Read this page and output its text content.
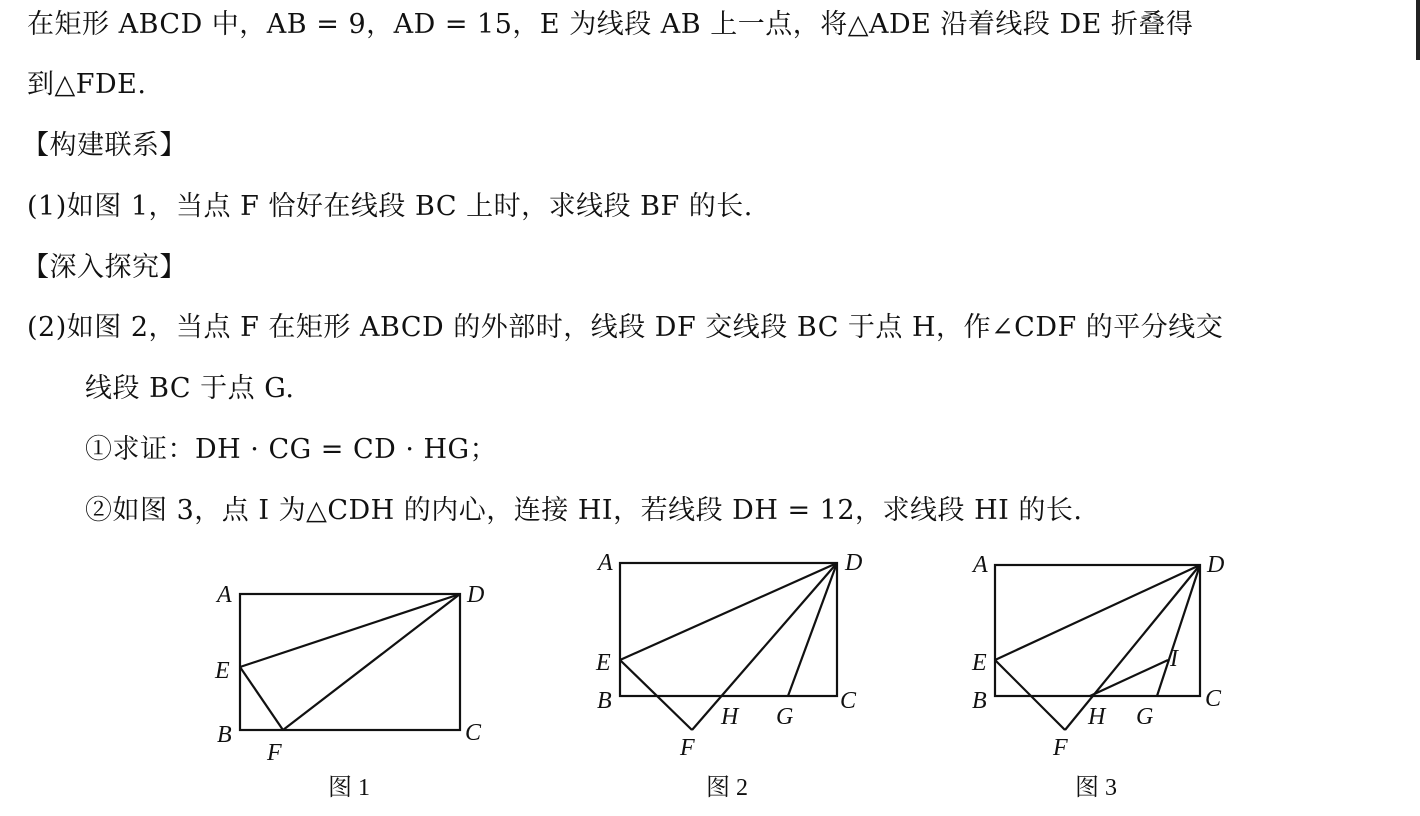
在矩形 ABCD 中，AB = 9，AD = 15，E 为线段 AB 上一点，将△ADE 沿着线段 DE 折叠得
到△FDE.
【构建联系】
(1)如图 1，当点 F 恰好在线段 BC 上时，求线段 BF 的长.
【深入探究】
(2)如图 2，当点 F 在矩形 ABCD 的外部时，线段 DF 交线段 BC 于点 H，作∠CDF 的平分线交
线段 BC 于点 G.
①求证：DH · CG = CD · HG；
②如图 3，点 I 为△CDH 的内心，连接 HI，若线段 DH = 12，求线段 HI 的长.
A	D
E
B
F
C
图 1
A	D
E
B	C
H G
F
图 2
A	D
E	I
B	C
H G
F
图 3
